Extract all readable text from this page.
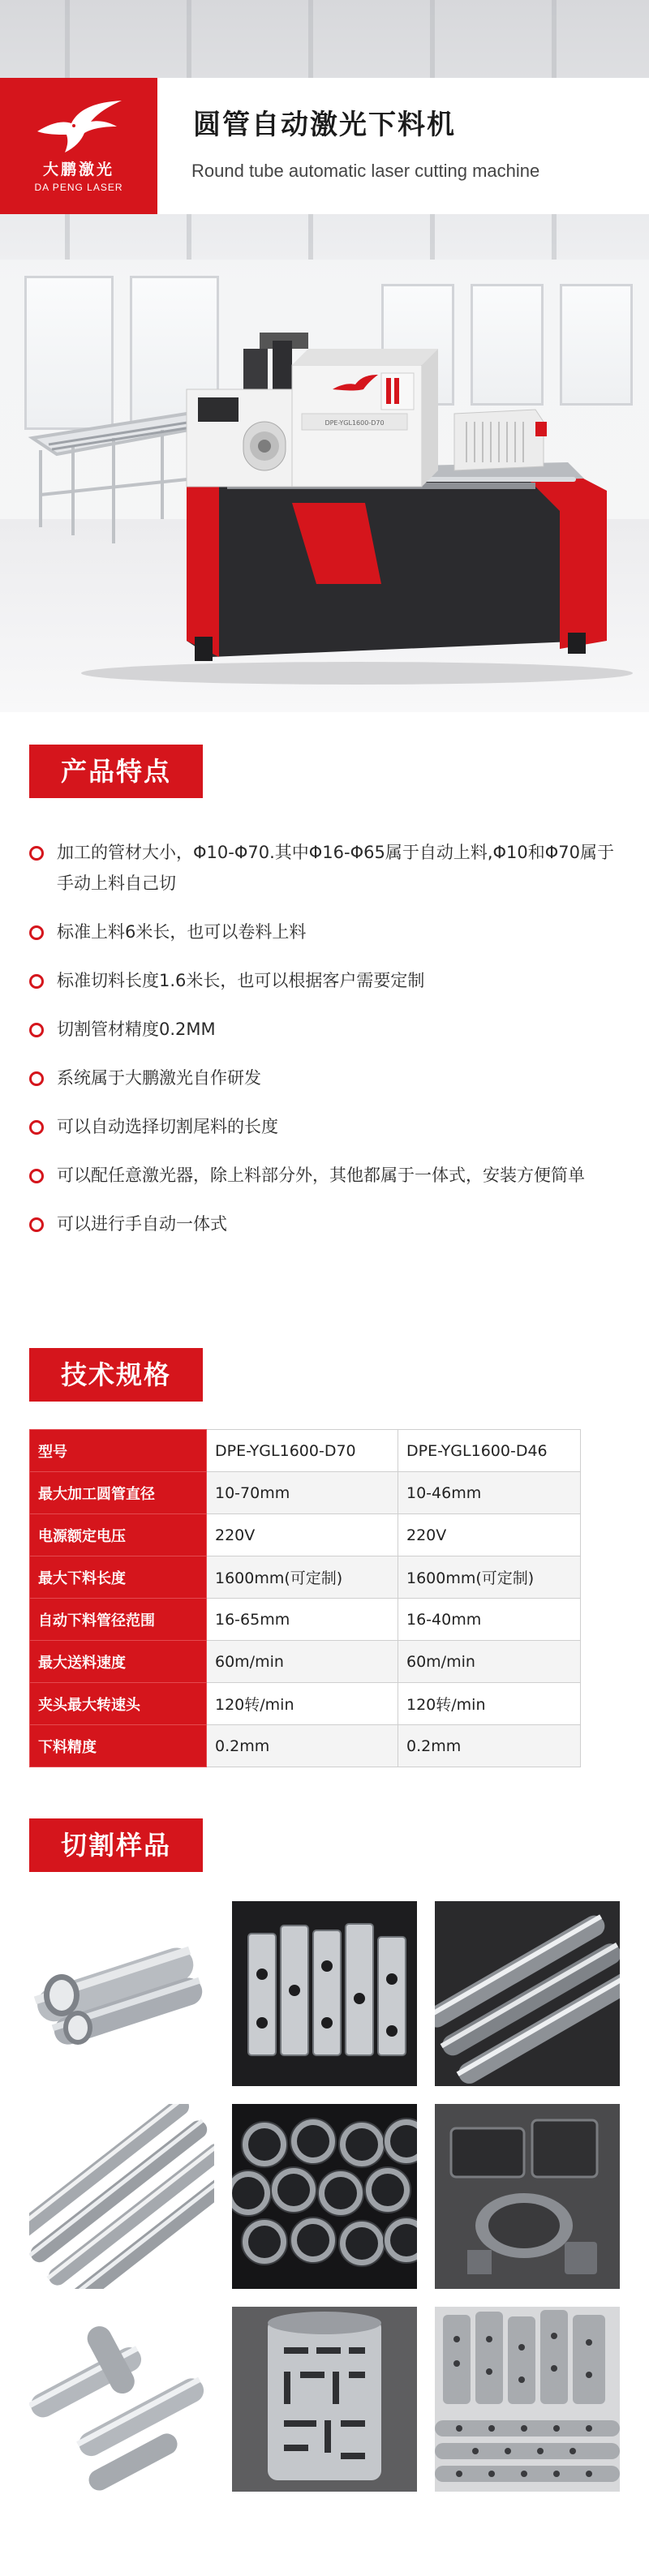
大鹏激光
DA PENG LASER
圆管自动激光下料机
Round tube automatic laser cutting machine
DPE-YGL1600-D70
产品特点
加工的管材大小，Φ10-Φ70.其中Φ16-Φ65属于自动上料,Φ10和Φ70属于手动上料自己切
标准上料6米长，也可以卷料上料
标准切料长度1.6米长，也可以根据客户需要定制
切割管材精度0.2MM
系统属于大鹏激光自作研发
可以自动选择切割尾料的长度
可以配任意激光器，除上料部分外，其他都属于一体式，安装方便简单
可以进行手自动一体式
技术规格
型号	DPE-YGL1600-D70	DPE-YGL1600-D46
最大加工圆管直径	10-70mm	10-46mm
电源额定电压	220V	220V
最大下料长度	1600mm(可定制)	1600mm(可定制)
自动下料管径范围	16-65mm	16-40mm
最大送料速度	60m/min	60m/min
夹头最大转速头	120转/min	120转/min
下料精度	0.2mm	0.2mm
切割样品
